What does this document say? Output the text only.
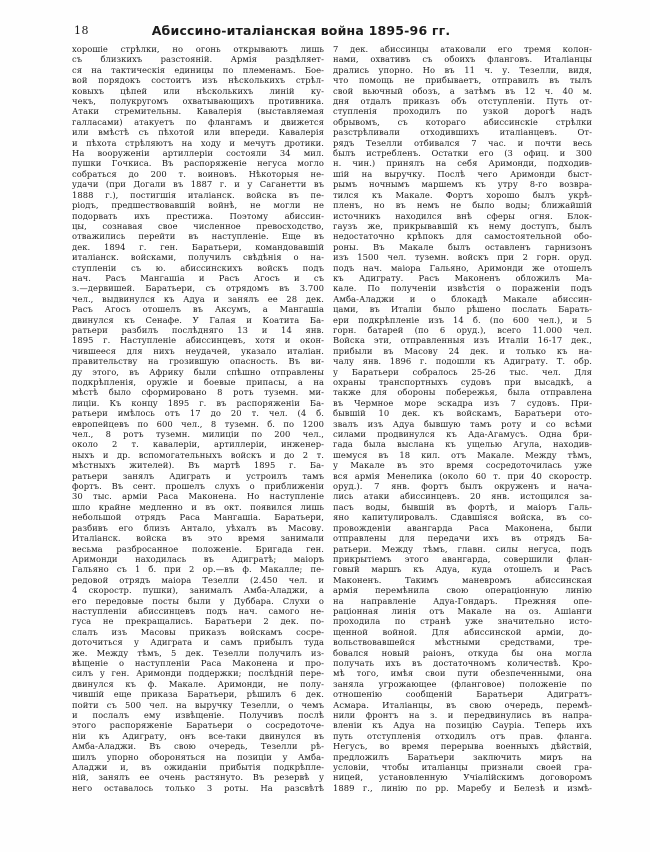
18	Абиссино-италіанская война 1895-96 гг.
хорошіе стрѣлки, но огонь открываютъ лишь
съ близкихъ разстояній. Армія раздѣляет-
ся на тактическія единицы по племенамъ. Бое-
вой порядокъ состоитъ изъ нѣсколькихъ стрѣл-
ковыхъ цѣпей или нѣсколькихъ линій ку-
чекъ, полукругомъ охватывающихъ противника.
Атаки стремительны. Кавалерія (выставляемая
галласами) атакуетъ по флангамъ и движется
или вмѣстѣ съ пѣхотой или впереди. Кавалерія
и пѣхота стрѣляютъ на ходу и мечутъ дротики.
На вооруженіи артиллеріи состояли 34 мил.
пушки Гочкиса. Въ распоряженіе негуса могло
собраться до 200 т. воиновъ. Нѣкоторыя не-
удачи (при Догали въ 1887 г. и у Саганетти въ
1888 г.), постигшія италіанск. войска въ пе-
ріодъ, предшествовавшій войнѣ, не могли не
подорвать ихъ престижа. Поэтому абиссин-
цы, сознавая свое численное превосходство,
отважились перейти въ наступленіе. Еще въ
дек. 1894 г. ген. Баратьери, командовавшій
италіанск. войсками, получилъ свѣдѣнія о на-
ступленіи съ ю. абиссинскихъ войскъ подъ
нач. Расъ Мангашіа и Расъ Агосъ и съ
з.—дервишей. Баратьери, съ отрядомъ въ 3.700
чел., выдвинулся къ Адуа и занялъ ее 28 дек.
Расъ Агосъ отошелъ въ Аксумъ, а Мангашіа
двинулся къ Сенафе. У Галая и Коатита Ба-
ратьери разбилъ послѣдняго 13 и 14 янв.
1895 г. Наступленіе абиссинцевъ, хотя и окон-
чившееся для нихъ неудачей, указало италіан.
правительству на грозившую опасность. Въ ви-
ду этого, въ Африку были спѣшно отправлены
подкрѣпленія, оружіе и боевые припасы, а на
мѣстѣ было сформировано 8 ротъ туземн. ми-
лиціи. Къ концу 1895 г. въ распоряженіи Ба-
ратьери имѣлось отъ 17 до 20 т. чел. (4 б.
европейцевъ по 600 чел., 8 туземн. б. по 1200
чел., 8 ротъ туземн. милиціи по 200 чел.,
около 2 т. кавалеріи, артиллеріи, инженер-
ныхъ и др. вспомогательныхъ войскъ и до 2 т.
мѣстныхъ жителей). Въ мартѣ 1895 г. Ба-
ратьери занялъ Адиграть и устроилъ тамъ
фортъ. Въ сент. прошелъ слухъ о приближеніи
30 тыс. арміи Раса Маконена. Но наступленіе
шло крайне медленно и въ окт. появился лишь
небольшой отрядъ Раса Мангашіа. Баратьери,
разбивъ его близъ Антало, уѣхалъ въ Масову.
Италіанск. войска въ это время занимали
весьма разбросанное положеніе. Бригада ген.
Аримонди находилась въ Адигратѣ; маіоръ
Гальяно съ 1 б. при 2 ор.—въ ф. Макалле; пе-
редовой отрядъ маіора Тезелли (2.450 чел. и
4 скоростр. пушки), занималъ Амба-Аладжи, а
его передовые посты были у Дуббара. Слухи о
наступленіи абиссинцевъ подъ нач. самого не-
гуса не прекращались. Баратьери 2 дек. по-
слалъ изъ Масовы приказъ войскамъ сосре-
доточиться у Адиграта и самъ прибылъ туда
же. Между тѣмъ, 5 дек. Тезелли получилъ из-
вѣщеніе о наступленіи Раса Маконена и про-
силъ у ген. Аримонди поддержки; послѣдній пере-
двинулся къ ф. Макале. Аримонди, не полу-
чившій еще приказа Баратьери, рѣшилъ 6 дек.
пойти съ 500 чел. на выручку Тезелли, о чемъ
и послалъ ему извѣщеніе. Получивъ послѣ
этого распоряженіе Баратьери о сосредоточе-
ніи къ Адиграту, онъ все-таки двинулся въ
Амба-Аладжи. Въ свою очередь, Тезелли рѣ-
шилъ упорно обороняться на позиціи у Амба-
Аладжи и, въ ожиданіи прибытія подкрѣпле-
ній, занялъ ее очень растянуто. Въ резервѣ у
него оставалось только 3 роты. На разсвѣтѣ
7 дек. абиссинцы атаковали его тремя колон-
нами, охвативъ съ обоихъ фланговъ. Италіанцы
дрались упорно. Но въ 11 ч. у. Тезелли, видя,
что помощь не прибываетъ, отправилъ въ тылъ
свой вьючный обозъ, а затѣмъ въ 12 ч. 40 м.
дня отдалъ приказъ объ отступленіи. Путь от-
ступленія проходилъ по узкой дорогѣ надъ
обрывомъ, съ котораго абиссинскіе стрѣлки
разстрѣливали отходившихъ италіанцевъ. От-
рядъ Тезелли отбивался 7 час. и почти весь
былъ истребленъ. Остатки его (3 офиц. и 300
н. чин.) принялъ на себя Аримонди, подходив-
шій на выручку. Послѣ чего Аримонди быст-
рымъ ночнымъ маршемъ къ утру 8-го возвра-
тился къ Макале. Фортъ хорошо былъ укрѣ-
пленъ, но въ немъ не было воды; ближайшій
источникъ находился внѣ сферы огня. Блок-
гаузъ же, прикрывавшій къ нему доступъ, былъ
недостаточно крѣпокъ для самостоятельной обо-
роны. Въ Макале былъ оставленъ гарнизонъ
изъ 1500 чел. туземн. войскъ при 2 горн. оруд.
подъ нач. маіора Гальяно, Аримонди же отошелъ
къ Адиграту. Расъ Маконенъ обложилъ Ма-
кале. По полученіи извѣстія о пораженіи подъ
Амба-Аладжи и о блокадѣ Макале абиссин-
цами, въ Италіи было рѣшено послать Барать-
ери подкрѣпленіе изъ 14 б. (по 600 чел.), и 5
горн. батарей (по 6 оруд.), всего 11.000 чел.
Войска эти, отправленныя изъ Италіи 16-17 дек.,
прибыли въ Масову 24 дек. и только къ на-
чалу янв. 1896 г. подошли къ Адиграту. Т. обр.
у Баратьери собралось 25-26 тыс. чел. Для
охраны транспортныхъ судовъ при высадкѣ, а
также для обороны побережья, была отправлена
въ Чермное море эскадра изъ 7 судовъ. При-
бывшій 10 дек. къ войскамъ, Баратьери ото-
звалъ изъ Адуа бывшую тамъ роту и со всѣми
силами продвинулся къ Ада-Агамусъ. Одна бри-
гада была выслана къ ущелью Агула, находив-
шемуся въ 18 кил. отъ Макале. Между тѣмъ,
у Макале въ это время сосредоточилась уже
вся армія Менелика (около 60 т. при 40 скоростр.
оруд.). 7 янв. фортъ былъ окруженъ и нача-
лись атаки абиссинцевъ. 20 янв. истощился за-
пасъ воды, бывшій въ фортѣ, и маіоръ Галь-
яно капитулировалъ. Сдавшіяся войска, въ со-
провожденіи авангарда Раса Маконена, были
отправлены для передачи ихъ въ отрядъ Ба-
ратьери. Между тѣмъ, главн. силы негуса, подъ
прикрытіемъ этого авангарда, совершили флан-
говый маршъ къ Адуа, куда отошелъ и Расъ
Маконенъ. Такимъ маневромъ абиссинская
армія перемѣнила свою операціонную линію
на направленіе Адуа-Гондаръ. Прежняя опе-
раціонная линія отъ Макале на оз. Ашіанги
проходила по странѣ уже значительно исто-
щенной войной. Для абиссинской арміи, до-
вольствовавшейся мѣстными средствами, тре-
бовался новый раіонъ, откуда бы она могла
получать ихъ въ достаточномъ количествѣ. Кро-
мѣ того, имѣя свои пути обезпеченными, она
заняла угрожающее (фланговое) положеніе по
отношенію сообщеній Баратьери Адигратъ-
Асмара. Италіанцы, въ свою очередь, перемѣ-
нили фронтъ на з. и передвинулись въ напра-
вленіи къ Адуа на позицію Сауріа. Теперь ихъ
путь отступленія отходилъ отъ прав. фланга.
Негусъ, во время перерыва военныхъ дѣйствій,
предложилъ Баратьери заключить миръ на
условіи, чтобы италіанцы признали своей гра-
ницей, установленную Учіалійскимъ договоромъ
1889 г., линію по рр. Маребу и Белезѣ и измѣ-
